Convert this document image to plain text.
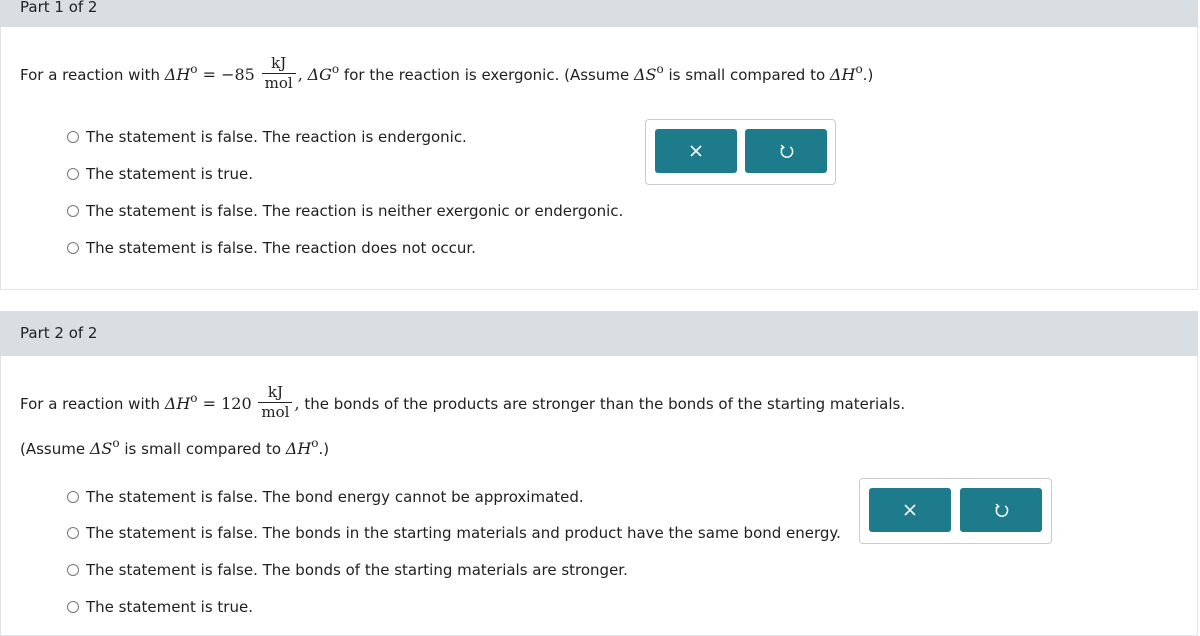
Part 1 of 2
For a reaction with $\Delta H^o = -85 \frac{kJ}{\text{mol}}$ , $\Delta G^o$ for the reaction is exergonic. (Assume $\Delta S^o$ is small compared to $\Delta H^o$.)
The statement is false. The reaction is endergonic.
The statement is true.
The statement is false. The reaction is neither exergonic or endergonic.
The statement is false. The reaction does not occur.
Part 2 of 2
For a reaction with $\Delta H^o = 120 \frac{kJ}{\text{mol}}$ , the bonds of the products are stronger than the bonds of the starting materials.
(Assume $\Delta S^o$ is small compared to $\Delta H^o$.)
The statement is false. The bond energy cannot be approximated.
The statement is false. The bonds in the starting materials and product have the same bond energy.
The statement is false. The bonds of the starting materials are stronger.
The statement is true.
